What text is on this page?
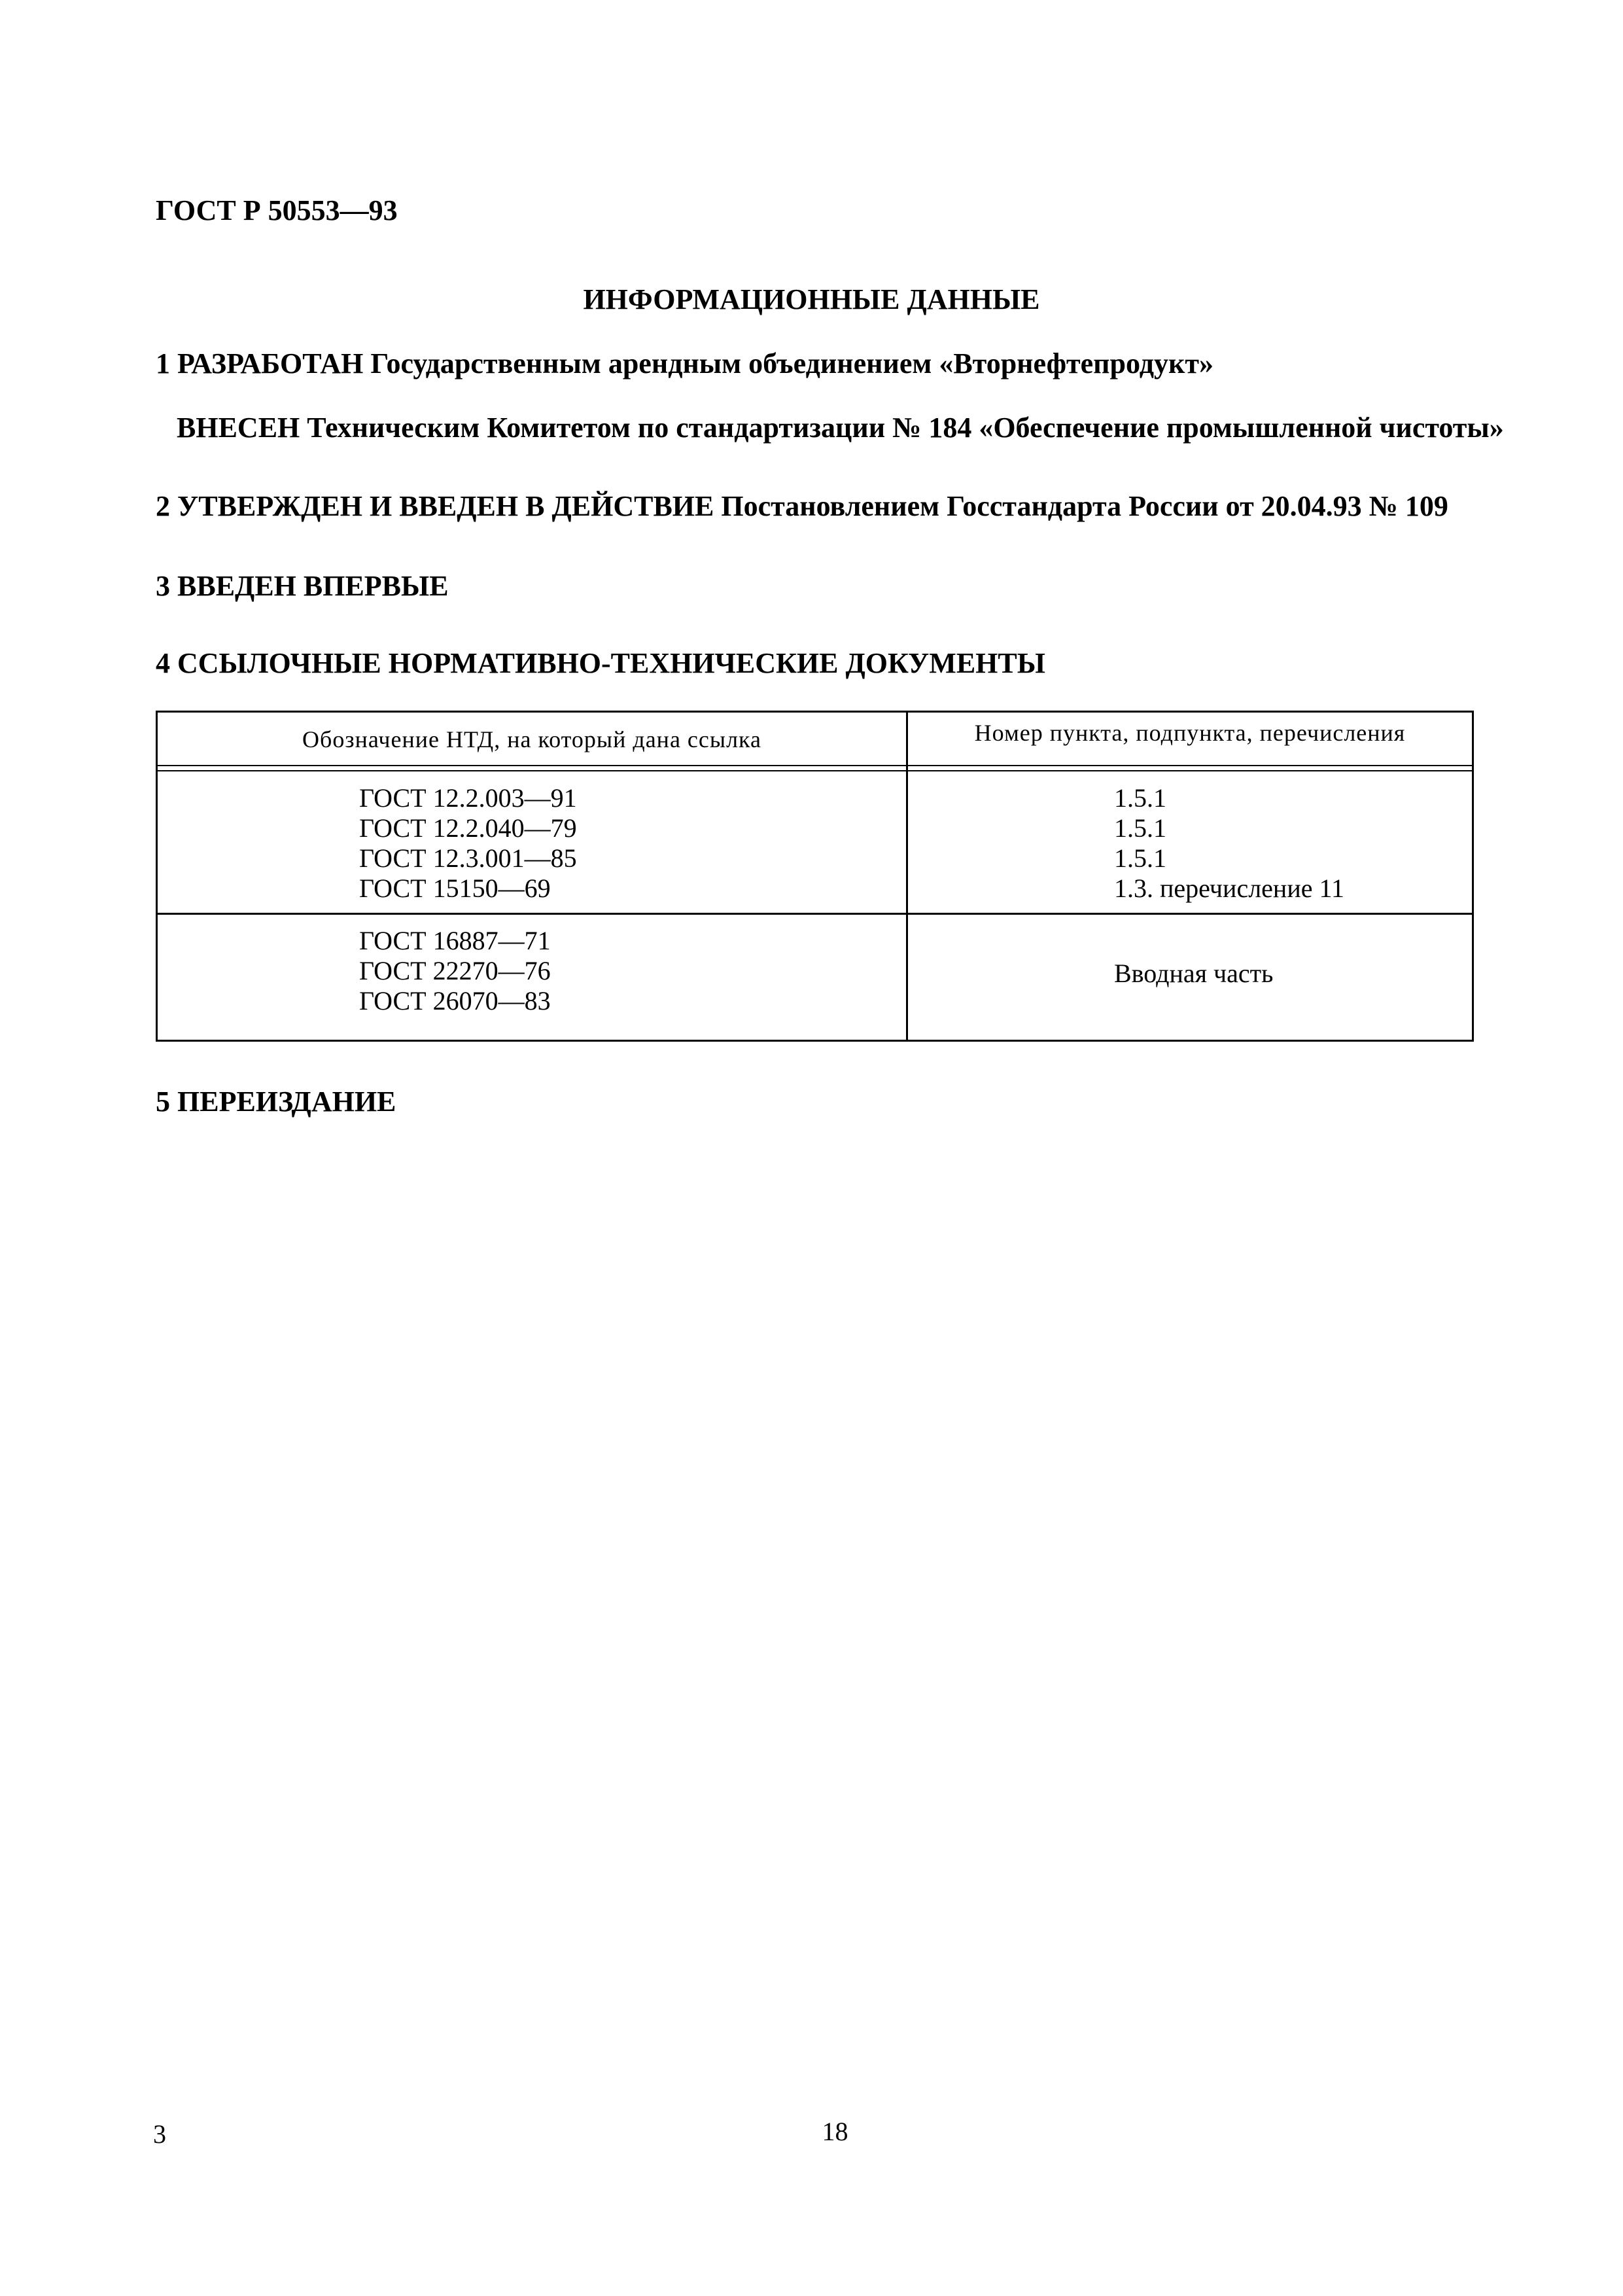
ГОСТ Р 50553—93
ИНФОРМАЦИОННЫЕ ДАННЫЕ
1 РАЗРАБОТАН Государственным арендным объединением «Вторнефтепродукт»
ВНЕСЕН Техническим Комитетом по стандартизации № 184 «Обеспечение промышленной чистоты»
2 УТВЕРЖДЕН И ВВЕДЕН В ДЕЙСТВИЕ Постановлением Госстандарта России от 20.04.93 № 109
3 ВВЕДЕН ВПЕРВЫЕ
4 ССЫЛОЧНЫЕ НОРМАТИВНО-ТЕХНИЧЕСКИЕ ДОКУМЕНТЫ
Обозначение НТД, на который дана ссылка	Номер пункта, подпункта, перечисления
ГОСТ 12.2.003—91
ГОСТ 12.2.040—79
ГОСТ 12.3.001—85
ГОСТ 15150—69
1.5.1
1.5.1
1.5.1
1.3. перечисление 11
ГОСТ 16887—71
ГОСТ 22270—76
ГОСТ 26070—83
Вводная часть
5 ПЕРЕИЗДАНИЕ
3	18
